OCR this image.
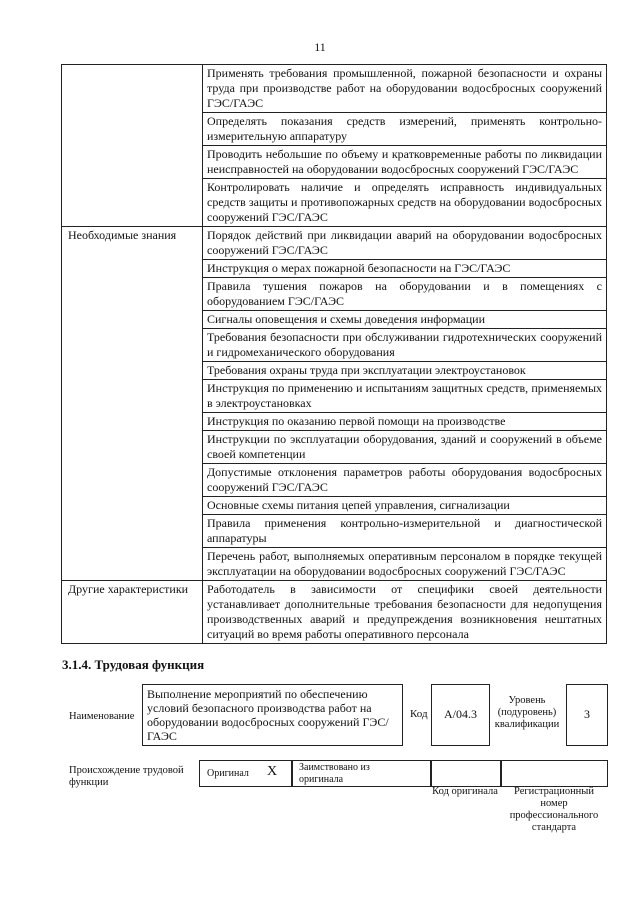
11
	Применять требования промышленной, пожарной безопасности и охраны труда при производстве работ на оборудовании водосбросных сооружений ГЭС/ГАЭС
	Определять показания средств измерений, применять контрольно-измерительную аппаратуру
	Проводить небольшие по объему и кратковременные работы по ликвидации неисправностей на оборудовании водосбросных сооружений ГЭС/ГАЭС
	Контролировать наличие и определять исправность индивидуальных средств защиты и противопожарных средств на оборудовании водосбросных сооружений ГЭС/ГАЭС
Необходимые знания	Порядок действий при ликвидации аварий на оборудовании водосбросных сооружений ГЭС/ГАЭС
	Инструкция о мерах пожарной безопасности на ГЭС/ГАЭС
	Правила тушения пожаров на оборудовании и в помещениях с оборудованием ГЭС/ГАЭС
	Сигналы оповещения и схемы доведения информации
	Требования безопасности при обслуживании гидротехнических сооружений и гидромеханического оборудования
	Требования охраны труда при эксплуатации электроустановок
	Инструкция по применению и испытаниям защитных средств, применяемых в электроустановках
	Инструкция по оказанию первой помощи на производстве
	Инструкции по эксплуатации оборудования, зданий и сооружений в объеме своей компетенции
	Допустимые отклонения параметров работы оборудования водосбросных сооружений ГЭС/ГАЭС
	Основные схемы питания цепей управления, сигнализации
	Правила применения контрольно-измерительной и диагностической аппаратуры
	Перечень работ, выполняемых оперативным персоналом в порядке текущей эксплуатации на оборудовании водосбросных сооружений ГЭС/ГАЭС
Другие характеристики	Работодатель в зависимости от специфики своей деятельности устанавливает дополнительные требования безопасности для недопущения производственных аварий и предупреждения возникновения нештатных ситуаций во время работы оперативного персонала
3.1.4. Трудовая функция
Наименование
Выполнение мероприятий по обеспечению условий безопасного производства работ на оборудовании водосбросных сооружений ГЭС/ГАЭС
Код	А/04.3
Уровень (подуровень) квалификации
3
Происхождение трудовой функции
Оригинал X Заимствовано из оригинала
Код оригинала	Регистрационный номер профессионального стандарта
